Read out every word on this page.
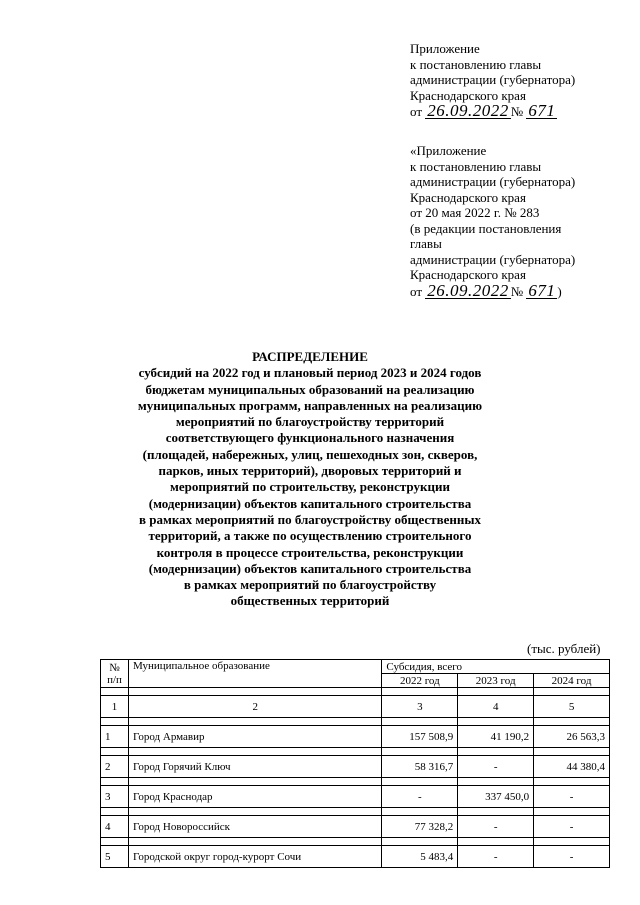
Приложение
к постановлению главы
администрации (губернатора)
Краснодарского края
от 26.09.2022 № 671
«Приложение
к постановлению главы
администрации (губернатора)
Краснодарского края
от 20 мая 2022 г. № 283
(в редакции постановления
главы
администрации (губернатора)
Краснодарского края
от 26.09.2022 № 671 )
РАСПРЕДЕЛЕНИЕ
субсидий на 2022 год и плановый период 2023 и 2024 годов
бюджетам муниципальных образований на реализацию
муниципальных программ, направленных на реализацию
мероприятий по благоустройству территорий
соответствующего функционального назначения
(площадей, набережных, улиц, пешеходных зон, скверов,
парков, иных территорий), дворовых территорий и
мероприятий по строительству, реконструкции
(модернизации) объектов капитального строительства
в рамках мероприятий по благоустройству общественных
территорий, а также по осуществлению строительного
контроля в процессе строительства, реконструкции
(модернизации) объектов капитального строительства
в рамках мероприятий по благоустройству
общественных территорий
(тыс. рублей)
№
п/п	Муниципальное образование	Субсидия, всего		
		2022 год	2023 год	2024 год

1	2	3	4	5

1	Город Армавир	157 508,9	41 190,2	26 563,3

2	Город Горячий Ключ	58 316,7	-	44 380,4

3	Город Краснодар	-	337 450,0	-

4	Город Новороссийск	77 328,2	-	-

5	Городской округ город-курорт Сочи	5 483,4	-	-
